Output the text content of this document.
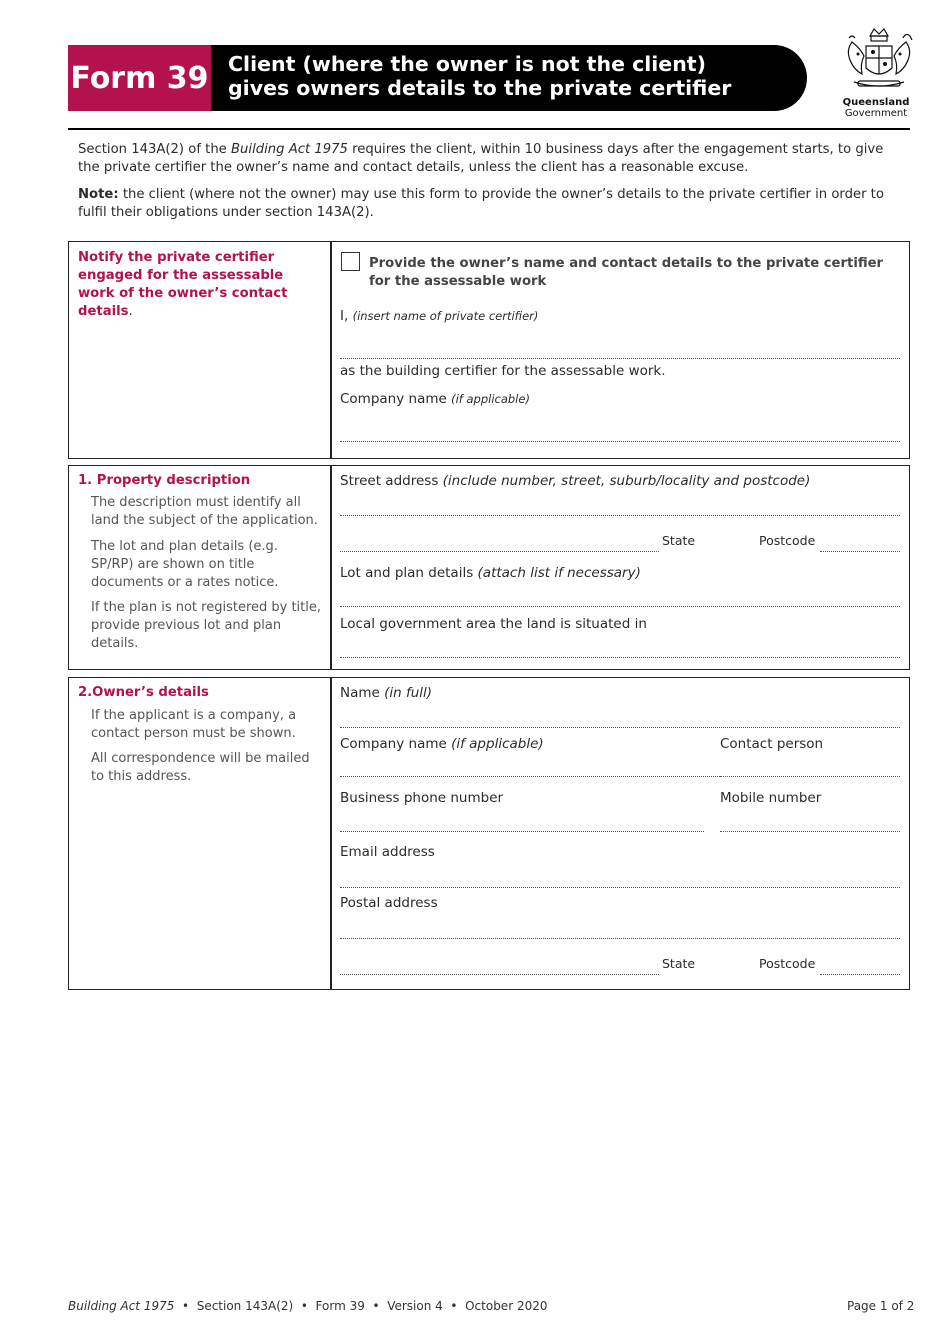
Form 39 Client (where the owner is not the client)
gives owners details to the private certifier
Queensland
Government

Section 143A(2) of the Building Act 1975 requires the client, within 10 business days after the engagement starts, to give the private certifier the owner’s name and contact details, unless the client has a reasonable excuse.

Note: the client (where not the owner) may use this form to provide the owner’s details to the private certifier in order to fulfil their obligations under section 143A(2).

Notify the private certifier engaged for the assessable work of the owner’s contact details.
Provide the owner’s name and contact details to the private certifier for the assessable work
I, (insert name of private certifier)
as the building certifier for the assessable work.
Company name (if applicable)
1. Property description
The description must identify all land the subject of the application.
The lot and plan details (e.g. SP/RP) are shown on title documents or a rates notice.
If the plan is not registered by title, provide previous lot and plan details.
Street address (include number, street, suburb/locality and postcode)
State	Postcode
Lot and plan details (attach list if necessary)
Local government area the land is situated in
2.Owner’s details
If the applicant is a company, a contact person must be shown.
All correspondence will be mailed to this address.
Name (in full)
Company name (if applicable)	Contact person
Business phone number	Mobile number
Email address
Postal address
State	Postcode
Building Act 1975  •  Section 143A(2)  •  Form 39  •  Version 4  •  October 2020	Page 1 of 2
